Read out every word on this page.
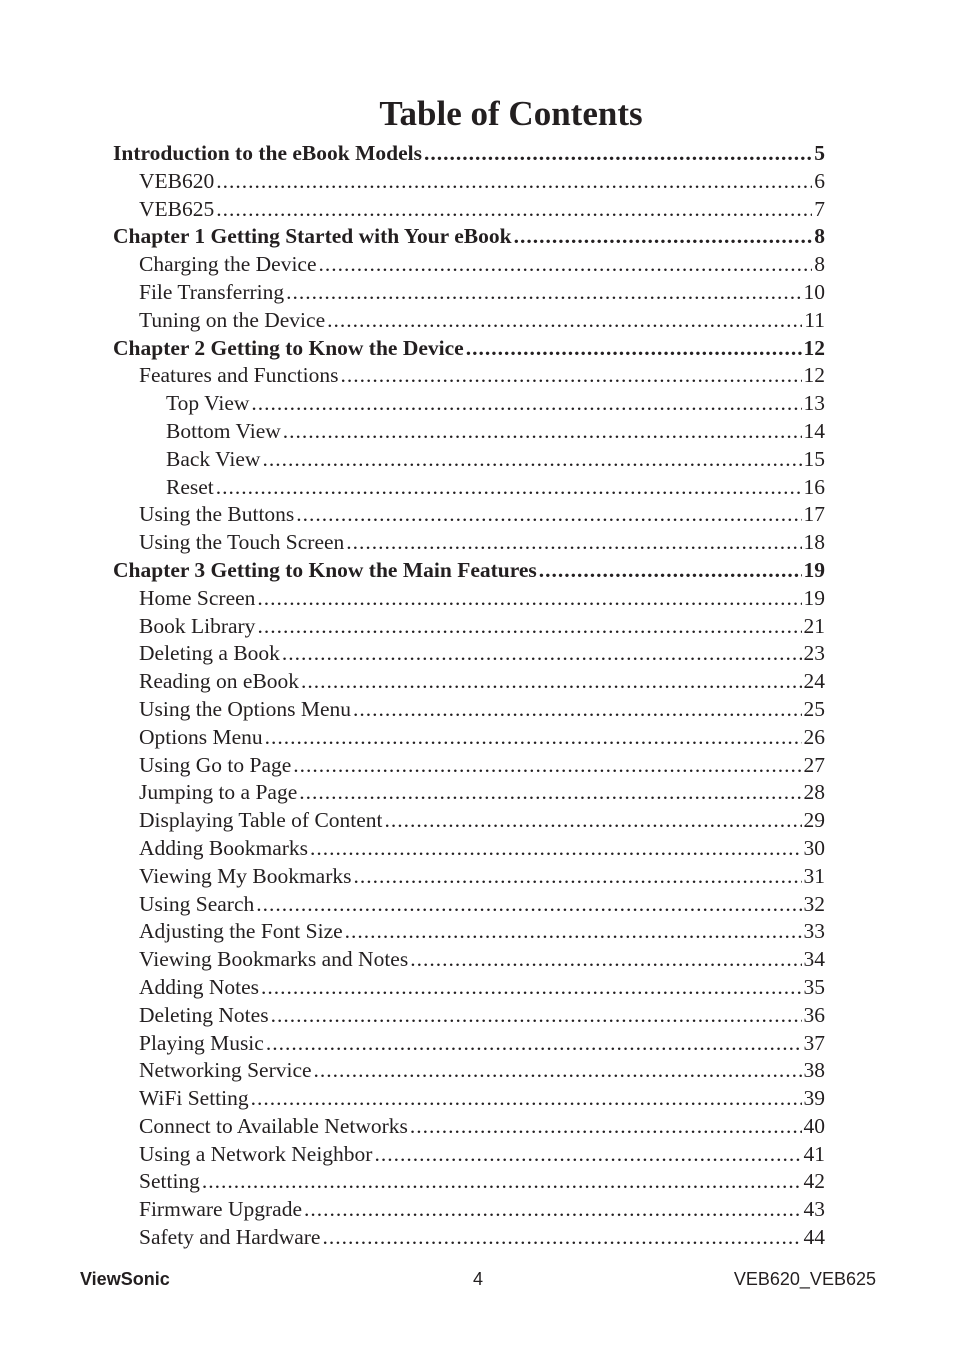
Table of Contents
Introduction to the eBook Models .....	5
VEB620 .....	6
VEB625 .....	7
Chapter 1 Getting Started with Your eBook .....	8
Charging the Device .....	8
File Transferring .....	10
Tuning on the Device .....	11
Chapter 2 Getting to Know the Device .....	12
Features and Functions .....	12
Top View .....	13
Bottom View .....	14
Back View .....	15
Reset .....	16
Using the Buttons .....	17
Using the Touch Screen .....	18
Chapter 3 Getting to Know the Main Features .....	19
Home Screen .....	19
Book Library .....	21
Deleting a Book .....	23
Reading on eBook .....	24
Using the Options Menu .....	25
Options Menu .....	26
Using Go to Page .....	27
Jumping to a Page .....	28
Displaying Table of Content .....	29
Adding Bookmarks .....	30
Viewing My Bookmarks .....	31
Using Search .....	32
Adjusting the Font Size .....	33
Viewing Bookmarks and Notes .....	34
Adding Notes .....	35
Deleting Notes .....	36
Playing Music .....	37
Networking Service .....	38
WiFi Setting .....	39
Connect to Available Networks .....	40
Using a Network Neighbor .....	41
Setting .....	42
Firmware Upgrade .....	43
Safety and Hardware .....	44
ViewSonic	4	VEB620_VEB625
